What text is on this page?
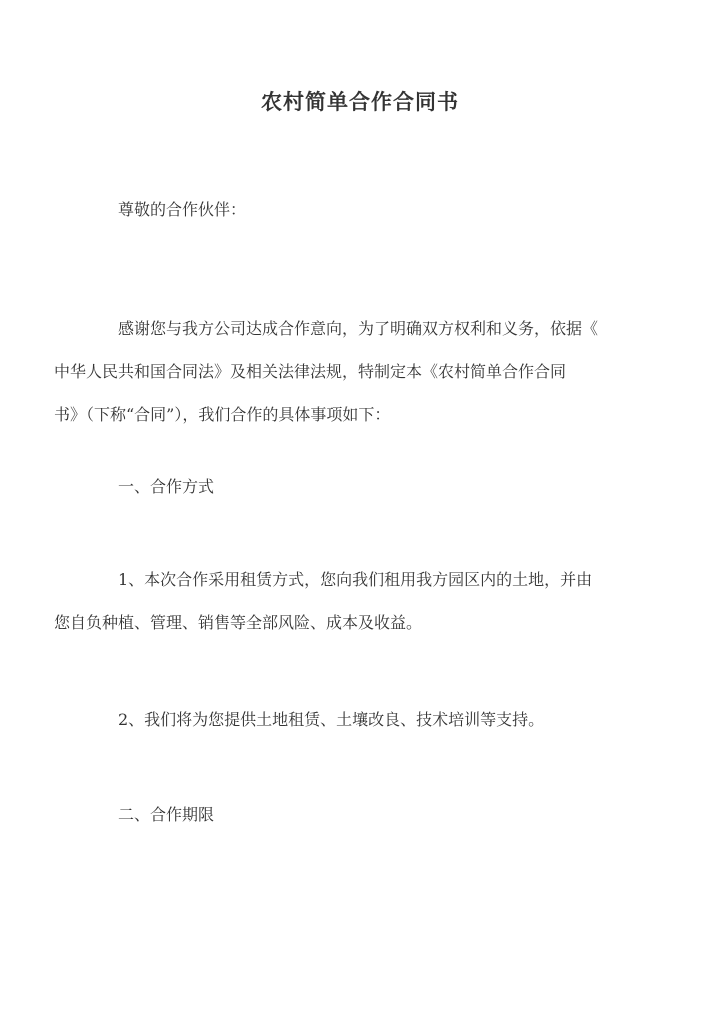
农村简单合作合同书

尊敬的合作伙伴：

感谢您与我方公司达成合作意向，为了明确双方权利和义务，依据《
中华人民共和国合同法》及相关法律法规，特制定本《农村简单合作合同
书》（下称“合同”），我们合作的具体事项如下：

一、合作方式

1、本次合作采用租赁方式，您向我们租用我方园区内的土地，并由
您自负种植、管理、销售等全部风险、成本及收益。

2、我们将为您提供土地租赁、土壤改良、技术培训等支持。

二、合作期限
